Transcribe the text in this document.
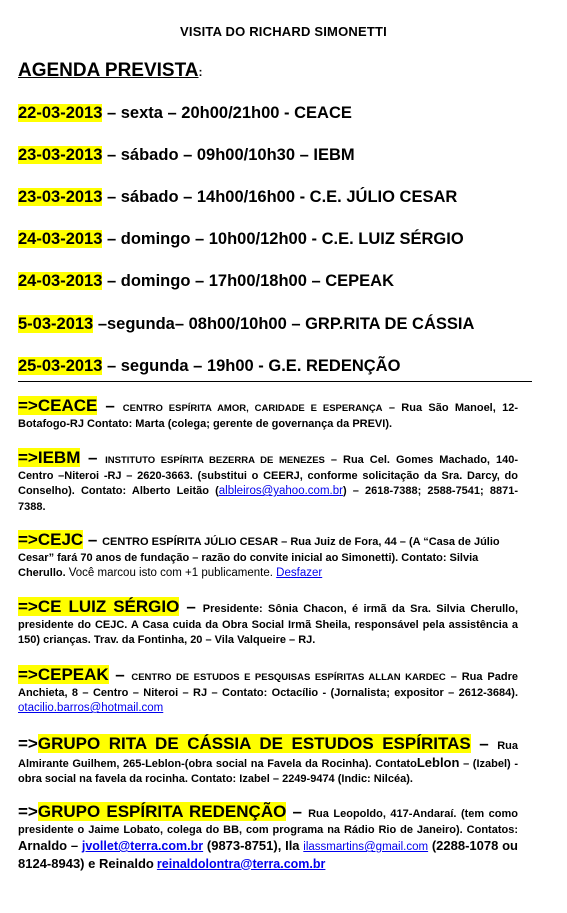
VISITA DO RICHARD SIMONETTI
AGENDA PREVISTA:
22-03-2013 – sexta – 20h00/21h00 - CEACE
23-03-2013 – sábado – 09h00/10h30 – IEBM
23-03-2013 – sábado – 14h00/16h00 - C.E. JÚLIO CESAR
24-03-2013 – domingo – 10h00/12h00 - C.E. LUIZ SÉRGIO
24-03-2013 – domingo – 17h00/18h00 – CEPEAK
5-03-2013 –segunda– 08h00/10h00 – GRP.RITA DE CÁSSIA
25-03-2013 – segunda – 19h00 - G.E. REDENÇÃO
=>CEACE – CENTRO ESPÍRITA AMOR, CARIDADE E ESPERANÇA – Rua São Manoel, 12-Botafogo-RJ Contato: Marta (colega; gerente de governança da PREVI).
=>IEBM – INSTITUTO ESPÍRITA BEZERRA DE MENEZES – Rua Cel. Gomes Machado, 140-Centro –Niteroi -RJ – 2620-3663. (substitui o CEERJ, conforme solicitação da Sra. Darcy, do Conselho). Contato: Alberto Leitão (albleiros@yahoo.com.br) – 2618-7388; 2588-7541; 8871-7388.
=>CEJC – CENTRO ESPÍRITA JÚLIO CESAR – Rua Juiz de Fora, 44 – (A “Casa de Júlio Cesar” fará 70 anos de fundação – razão do convite inicial ao Simonetti). Contato: Silvia Cherullo. Você marcou isto com +1 publicamente. Desfazer
=>CE LUIZ SÉRGIO – Presidente: Sônia Chacon, é irmã da Sra. Silvia Cherullo, presidente do CEJC. A Casa cuida da Obra Social Irmã Sheila, responsável pela assistência a 150) crianças. Trav. da Fontinha, 20 – Vila Valqueire – RJ.
=>CEPEAK – CENTRO DE ESTUDOS E PESQUISAS ESPÍRITAS ALLAN KARDEC – Rua Padre Anchieta, 8 – Centro – Niteroi – RJ – Contato: Octacílio - (Jornalista; expositor – 2612-3684). otacilio.barros@hotmail.com
=>GRUPO RITA DE CÁSSIA DE ESTUDOS ESPÍRITAS – Rua Almirante Guilhem, 265-Leblon-(obra social na Favela da Rocinha). ContatoLeblon – (Izabel) - obra social na favela da rocinha. Contato: Izabel – 2249-9474 (Indic: Nilcéa).
=>GRUPO ESPÍRITA REDENÇÃO – Rua Leopoldo, 417-Andaraí. (tem como presidente o Jaime Lobato, colega do BB, com programa na Rádio Rio de Janeiro). Contatos: Arnaldo – jvollet@terra.com.br (9873-8751), Ila ilassmartins@gmail.com (2288-1078 ou 8124-8943) e Reinaldo reinaldolontra@terra.com.br
